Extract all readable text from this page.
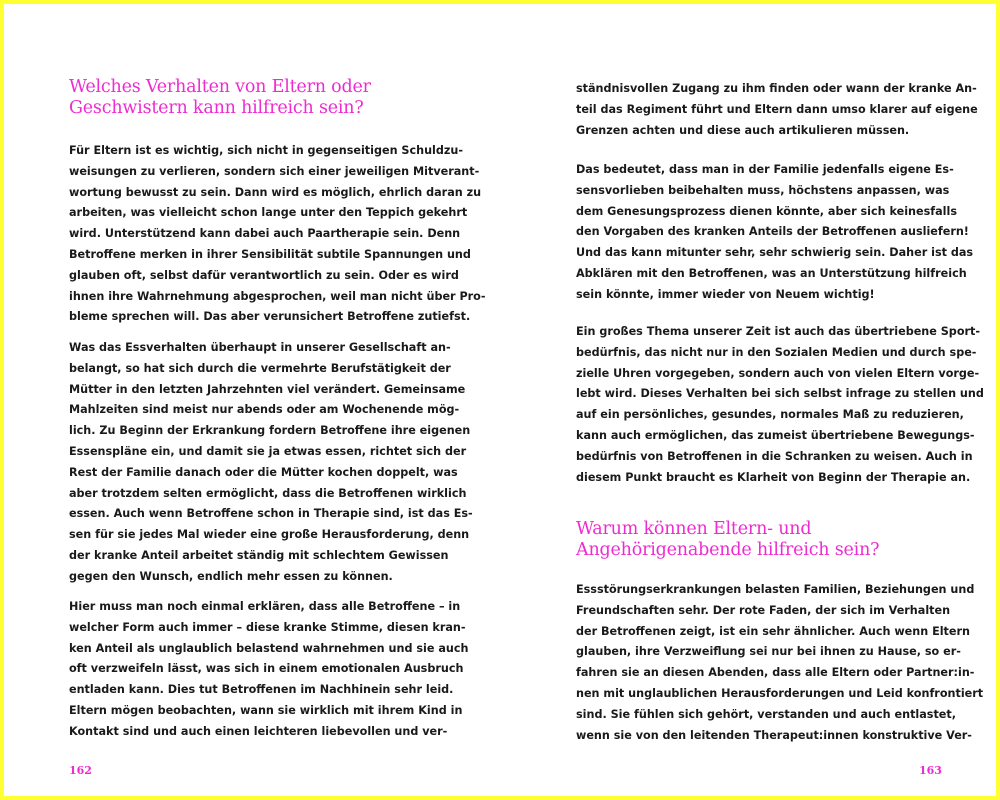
Welches Verhalten von Eltern oder
Geschwistern kann hilfreich sein?
Für Eltern ist es wichtig, sich nicht in gegenseitigen Schuldzu-
weisungen zu verlieren, sondern sich einer jeweiligen Mitverant-
wortung bewusst zu sein. Dann wird es möglich, ehrlich daran zu
arbeiten, was vielleicht schon lange unter den Teppich gekehrt
wird. Unterstützend kann dabei auch Paartherapie sein. Denn
Betroffene merken in ihrer Sensibilität subtile Spannungen und
glauben oft, selbst dafür verantwortlich zu sein. Oder es wird
ihnen ihre Wahrnehmung abgesprochen, weil man nicht über Pro-
bleme sprechen will. Das aber verunsichert Betroffene zutiefst.
Was das Essverhalten überhaupt in unserer Gesellschaft an-
belangt, so hat sich durch die vermehrte Berufstätigkeit der
Mütter in den letzten Jahrzehnten viel verändert. Gemeinsame
Mahlzeiten sind meist nur abends oder am Wochenende mög-
lich. Zu Beginn der Erkrankung fordern Betroffene ihre eigenen
Essenspläne ein, und damit sie ja etwas essen, richtet sich der
Rest der Familie danach oder die Mütter kochen doppelt, was
aber trotzdem selten ermöglicht, dass die Betroffenen wirklich
essen. Auch wenn Betroffene schon in Therapie sind, ist das Es-
sen für sie jedes Mal wieder eine große Herausforderung, denn
der kranke Anteil arbeitet ständig mit schlechtem Gewissen
gegen den Wunsch, endlich mehr essen zu können.
Hier muss man noch einmal erklären, dass alle Betroffene – in
welcher Form auch immer – diese kranke Stimme, diesen kran-
ken Anteil als unglaublich belastend wahrnehmen und sie auch
oft verzweifeln lässt, was sich in einem emotionalen Ausbruch
entladen kann. Dies tut Betroffenen im Nachhinein sehr leid.
Eltern mögen beobachten, wann sie wirklich mit ihrem Kind in
Kontakt sind und auch einen leichteren liebevollen und ver-
162
ständnisvollen Zugang zu ihm finden oder wann der kranke An-
teil das Regiment führt und Eltern dann umso klarer auf eigene
Grenzen achten und diese auch artikulieren müssen.
Das bedeutet, dass man in der Familie jedenfalls eigene Es-
sensvorlieben beibehalten muss, höchstens anpassen, was
dem Genesungsprozess dienen könnte, aber sich keinesfalls
den Vorgaben des kranken Anteils der Betroffenen ausliefern!
Und das kann mitunter sehr, sehr schwierig sein. Daher ist das
Abklären mit den Betroffenen, was an Unterstützung hilfreich
sein könnte, immer wieder von Neuem wichtig!
Ein großes Thema unserer Zeit ist auch das übertriebene Sport-
bedürfnis, das nicht nur in den Sozialen Medien und durch spe-
zielle Uhren vorgegeben, sondern auch von vielen Eltern vorge-
lebt wird. Dieses Verhalten bei sich selbst infrage zu stellen und
auf ein persönliches, gesundes, normales Maß zu reduzieren,
kann auch ermöglichen, das zumeist übertriebene Bewegungs-
bedürfnis von Betroffenen in die Schranken zu weisen. Auch in
diesem Punkt braucht es Klarheit von Beginn der Therapie an.
Warum können Eltern- und
Angehörigenabende hilfreich sein?
Essstörungserkrankungen belasten Familien, Beziehungen und
Freundschaften sehr. Der rote Faden, der sich im Verhalten
der Betroffenen zeigt, ist ein sehr ähnlicher. Auch wenn Eltern
glauben, ihre Verzweiflung sei nur bei ihnen zu Hause, so er-
fahren sie an diesen Abenden, dass alle Eltern oder Partner:in-
nen mit unglaublichen Herausforderungen und Leid konfrontiert
sind. Sie fühlen sich gehört, verstanden und auch entlastet,
wenn sie von den leitenden Therapeut:innen konstruktive Ver-
163
